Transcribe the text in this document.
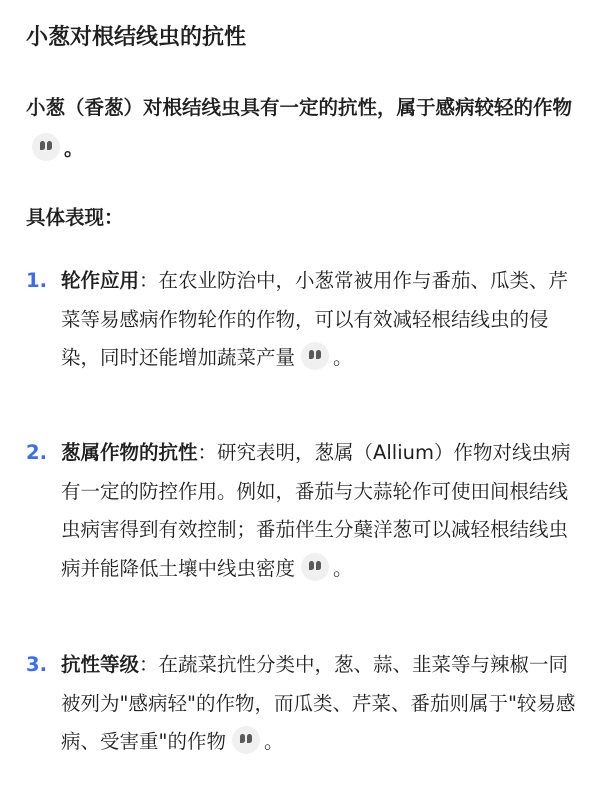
小葱对根结线虫的抗性
小葱（香葱）对根结线虫具有一定的抗性，属于感病较轻的作物。
具体表现：
1. 轮作应用：在农业防治中，小葱常被用作与番茄、瓜类、芹菜等易感病作物轮作的作物，可以有效减轻根结线虫的侵染，同时还能增加蔬菜产量 。
2. 葱属作物的抗性：研究表明，葱属（Allium）作物对线虫病有一定的防控作用。例如，番茄与大蒜轮作可使田间根结线虫病害得到有效控制；番茄伴生分蘖洋葱可以减轻根结线虫病并能降低土壤中线虫密度 。
3. 抗性等级：在蔬菜抗性分类中，葱、蒜、韭菜等与辣椒一同被列为"感病轻"的作物，而瓜类、芹菜、番茄则属于"较易感病、受害重"的作物 。
